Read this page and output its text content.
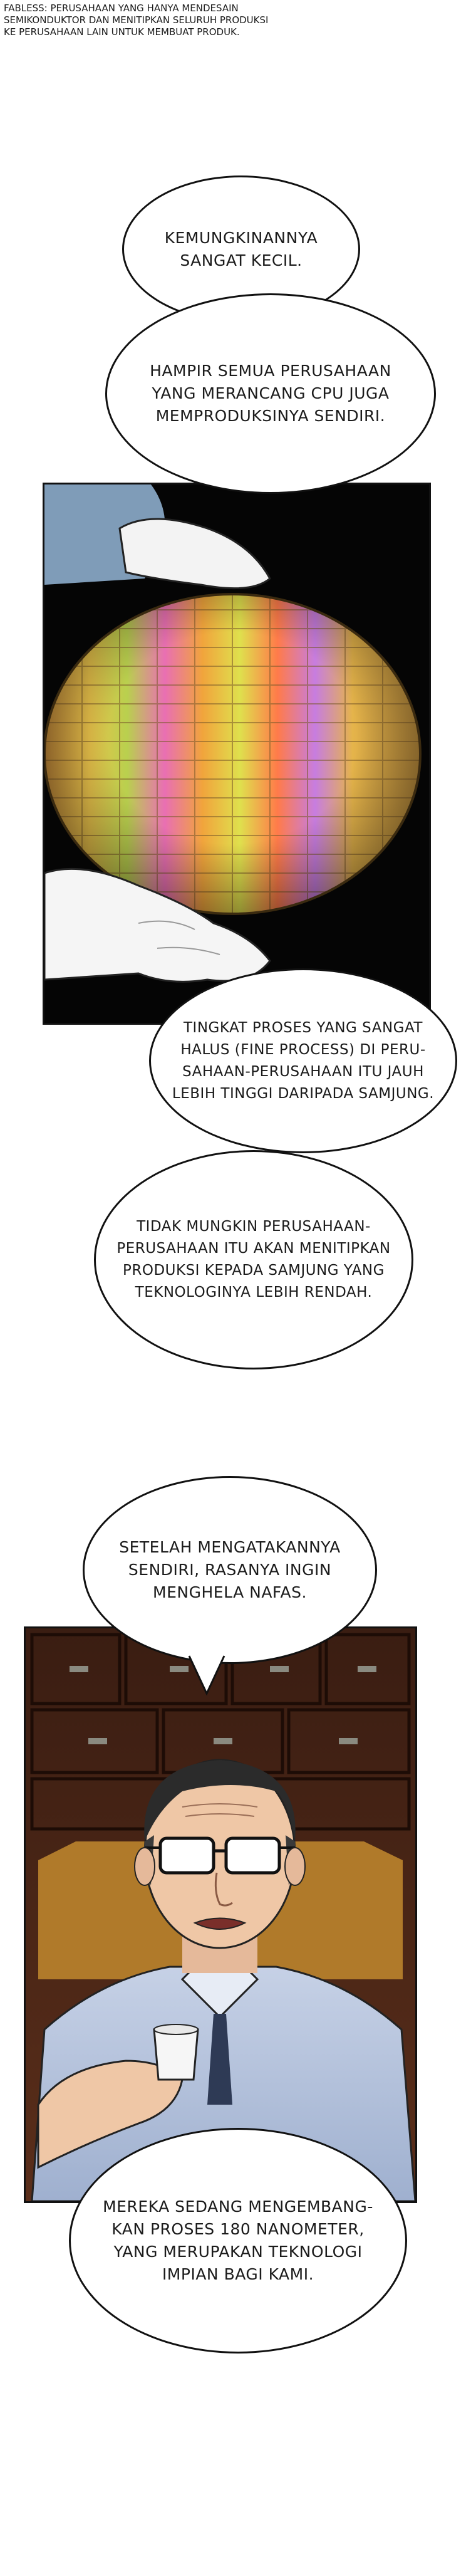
FABLESS: PERUSAHAAN YANG HANYA MENDESAIN
SEMIKONDUKTOR DAN MENITIPKAN SELURUH PRODUKSI
KE PERUSAHAAN LAIN UNTUK MEMBUAT PRODUK.
KEMUNGKINANNYA
SANGAT KECIL.
HAMPIR SEMUA PERUSAHAAN
YANG MERANCANG CPU JUGA
MEMPRODUKSINYA SENDIRI.
TINGKAT PROSES YANG SANGAT
HALUS (FINE PROCESS) DI PERU-
SAHAAN-PERUSAHAAN ITU JAUH
LEBIH TINGGI DARIPADA SAMJUNG.
TIDAK MUNGKIN PERUSAHAAN-
PERUSAHAAN ITU AKAN MENITIPKAN
PRODUKSI KEPADA SAMJUNG YANG
TEKNOLOGINYA LEBIH RENDAH.
SETELAH MENGATAKANNYA
SENDIRI, RASANYA INGIN
MENGHELA NAFAS.
MEREKA SEDANG MENGEMBANG-
KAN PROSES 180 NANOMETER,
YANG MERUPAKAN TEKNOLOGI
IMPIAN BAGI KAMI.
